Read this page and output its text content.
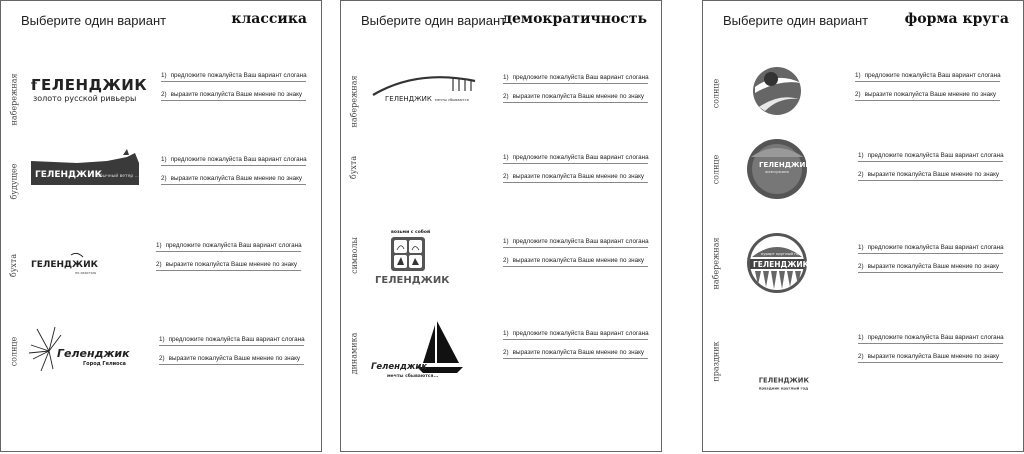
Выберите один вариант	классика
набережная ГЕЛЕНДЖИК
золото русской ривьеры
1) предложите пожалуйста Ваш вариант слогана
2) выразите пожалуйста Ваше мнение по знаку
будущее ГЕЛЕНДЖИК
обычный ветер ...
1) предложите пожалуйста Ваш вариант слогана
2) выразите пожалуйста Ваше мнение по знаку
бухта ГЕЛЕНДЖИК
по окостью
1) предложите пожалуйста Ваш вариант слогана
2) выразите пожалуйста Ваше мнение по знаку
солнце	Геленджик
Город Гелиоса
1) предложите пожалуйста Ваш вариант слогана
2) выразите пожалуйста Ваше мнение по знаку
Выберите один вариант
демократичность
набережная	ГЕЛЕНДЖИК мечты сбываются
1) предложите пожалуйста Ваш вариант слогана
2) выразите пожалуйста Ваше мнение по знаку
бухта	1) предложите пожалуйста Ваш вариант слогана
2) выразите пожалуйста Ваше мнение по знаку
символы
возьми с собой
ГЕЛЕНДЖИК
1) предложите пожалуйста Ваш вариант слогана
2) выразите пожалуйста Ваше мнение по знаку
динамика Геленджик
мечты сбываются...
1) предложите пожалуйста Ваш вариант слогана
2) выразите пожалуйста Ваше мнение по знаку
Выберите один вариант	форма круга
солнце
1) предложите пожалуйста Ваш вариант слогана
2) выразите пожалуйста Ваше мнение по знаку
солнце	ГЕЛЕНДЖИК
жемчужина
1) предложите пожалуйста Ваш вариант слогана
2) выразите пожалуйста Ваше мнение по знаку
набережная	ГЕЛЕНДЖИК
курорт круглый год
1) предложите пожалуйста Ваш вариант слогана
2) выразите пожалуйста Ваше мнение по знаку
праздник	ГЕЛЕНДЖИК
праздник круглый год
1) предложите пожалуйста Ваш вариант слогана
2) выразите пожалуйста Ваше мнение по знаку
